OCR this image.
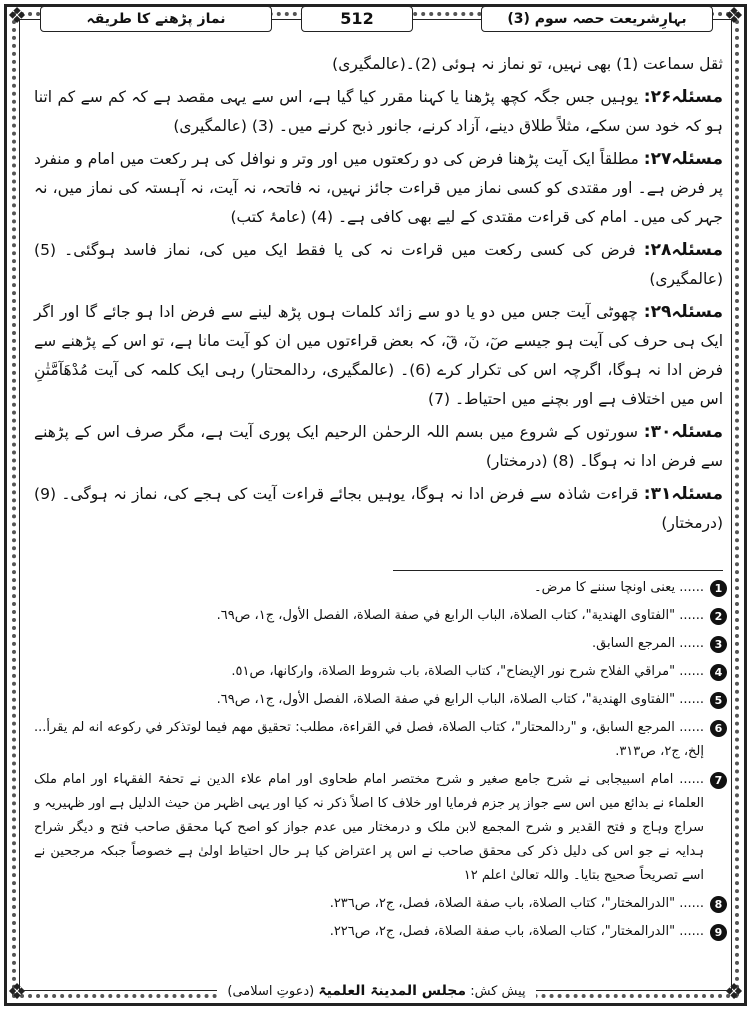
❖	❖
❖	❖
بہارِشریعت حصہ سوم (3)
512
نماز پڑھنے کا طریقہ

ثقل سماعت (1) بھی نہیں، تو نماز نہ ہوئی (2)۔(عالمگیری)

مسئلہ۲۶: یوہیں جس جگہ کچھ پڑھنا یا کہنا مقرر کیا گیا ہے، اس سے یہی مقصد ہے کہ کم سے کم اتنا ہو کہ خود سن سکے، مثلاً طلاق دینے، آزاد کرنے، جانور ذبح کرنے میں۔ (3) (عالمگیری)

مسئلہ۲۷: مطلقاً ایک آیت پڑھنا فرض کی دو رکعتوں میں اور وتر و نوافل کی ہر رکعت میں امام و منفرد پر فرض ہے۔ اور مقتدی کو کسی نماز میں قراءت جائز نہیں، نہ فاتحہ، نہ آیت، نہ آہستہ کی نماز میں، نہ جہر کی میں۔ امام کی قراءت مقتدی کے لیے بھی کافی ہے۔ (4) (عامۂ کتب)

مسئلہ۲۸: فرض کی کسی رکعت میں قراءت نہ کی یا فقط ایک میں کی، نماز فاسد ہوگئی۔ (5) (عالمگیری)

مسئلہ۲۹: چھوٹی آیت جس میں دو یا دو سے زائد کلمات ہوں پڑھ لینے سے فرض ادا ہو جائے گا اور اگر ایک ہی حرف کی آیت ہو جیسے صٓ، نٓ، قٓ، کہ بعض قراءتوں میں ان کو آیت مانا ہے، تو اس کے پڑھنے سے فرض ادا نہ ہوگا، اگرچہ اس کی تکرار کرے (6)۔ (عالمگیری، ردالمحتار) رہی ایک کلمہ کی آیت مُدْهَآمَّتٰنِ اس میں اختلاف ہے اور بچنے میں احتیاط۔ (7)

مسئلہ۳۰: سورتوں کے شروع میں بسم اللہ الرحمٰن الرحیم ایک پوری آیت ہے، مگر صرف اس کے پڑھنے سے فرض ادا نہ ہوگا۔ (8) (درمختار)

مسئلہ۳۱: قراءت شاذہ سے فرض ادا نہ ہوگا، یوہیں بجائے قراءت آیت کی ہجے کی، نماز نہ ہوگی۔ (9) (درمختار)

1
...... یعنی اونچا سننے کا مرض۔
2
...... "الفتاوى الهندية"، كتاب الصلاة، الباب الرابع في صفة الصلاة، الفصل الأول، ج١، ص٦٩.
3
...... المرجع السابق.
4
...... "مراقي الفلاح شرح نور الإيضاح"، كتاب الصلاة، باب شروط الصلاة، واركانها، ص٥١.
5
...... "الفتاوى الهندية"، كتاب الصلاة، الباب الرابع في صفة الصلاة، الفصل الأول، ج١، ص٦٩.
6
...... المرجع السابق، و "ردالمحتار"، كتاب الصلاة، فصل في القراءة، مطلب: تحقيق مهم فيما لوتذكر في ركوعه انه لم يقرأ... إلخ، ج٢، ص٣١٣.
7
...... امام اسبیجابی نے شرح جامع صغیر و شرح مختصر امام طحاوی اور امام علاء الدین نے تحفۃ الفقہاء اور امام ملک العلماء نے بدائع میں اس سے جواز پر جزم فرمایا اور خلاف کا اصلاً ذکر نہ کیا اور یہی اظہر من حیث الدلیل ہے اور ظہیریہ و سراج وہاج و فتح القدیر و شرح المجمع لابن ملک و درمختار میں عدم جواز کو اصح کہا محقق صاحب فتح و دیگر شراح ہدایہ نے جو اس کی دلیل ذکر کی محقق صاحب نے اس پر اعتراض کیا ہر حال احتیاط اولیٰ ہے خصوصاً جبکہ مرجحین نے اسے تصریحاً صحیح بتایا۔ واللہ تعالیٰ اعلم ۱۲
8
...... "الدرالمختار"، كتاب الصلاة، باب صفة الصلاة، فصل، ج٢، ص٢٣٦.
9
...... "الدرالمختار"، كتاب الصلاة، باب صفة الصلاة، فصل، ج٢، ص٢٢٦.
پیش کش: مجلس المدینۃ العلمیۃ (دعوتِ اسلامی)
